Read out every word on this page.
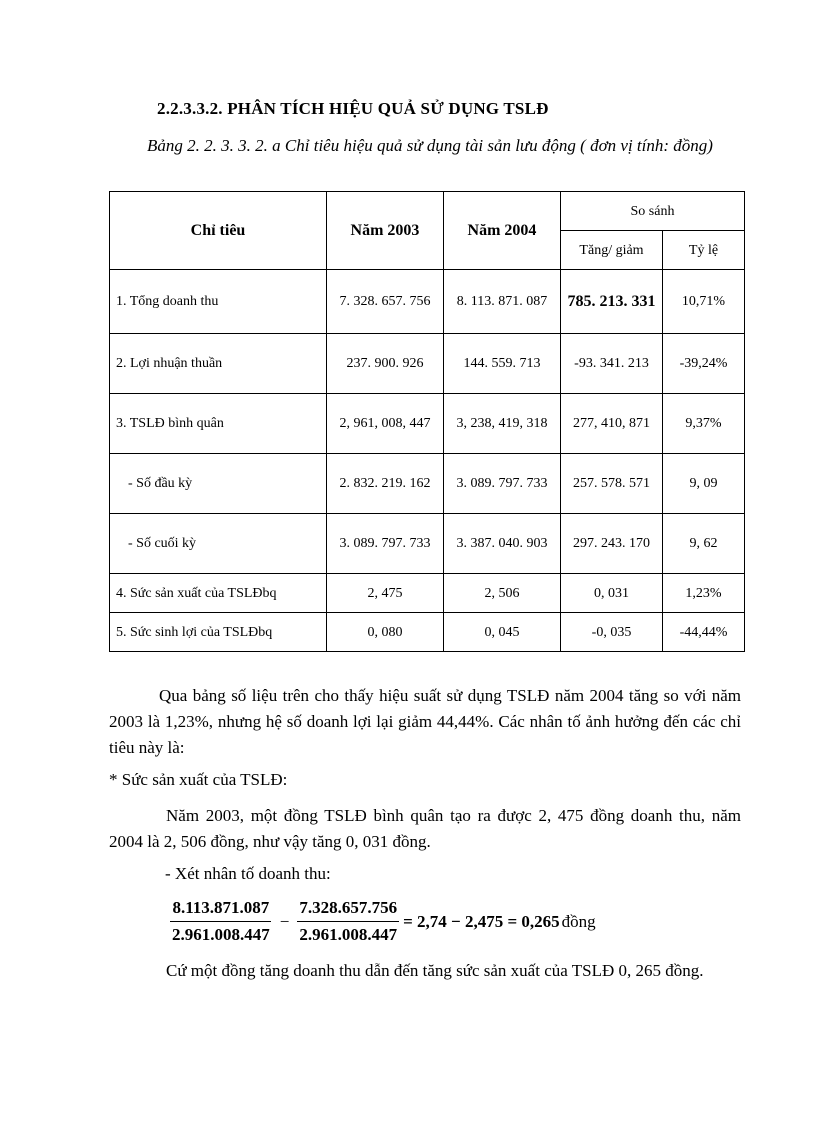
2.2.3.3.2. PHÂN TÍCH HIỆU QUẢ SỬ DỤNG TSLĐ
Bảng 2. 2. 3. 3. 2. a Chỉ tiêu hiệu quả sử dụng tài sản lưu động ( đơn vị tính: đồng)
Chỉ tiêu	Năm 2003	Năm 2004	So sánh	
			Tăng/ giảm	Tỷ lệ
1. Tổng doanh thu	7. 328. 657. 756	8. 113. 871. 087	785. 213. 331	10,71%
2. Lợi nhuận thuần	237. 900. 926	144. 559. 713	-93. 341. 213	-39,24%
3. TSLĐ bình quân	2, 961, 008, 447	3, 238, 419, 318	277, 410, 871	9,37%
- Số đầu kỳ	2. 832. 219. 162	3. 089. 797. 733	257. 578. 571	9, 09
- Số cuối kỳ	3. 089. 797. 733	3. 387. 040. 903	297. 243. 170	9, 62
4. Sức sản xuất của TSLĐbq	2, 475	2, 506	0, 031	1,23%
5. Sức sinh lợi của TSLĐbq	0, 080	0, 045	-0, 035	-44,44%
Qua bảng số liệu trên cho thấy hiệu suất sử dụng TSLĐ năm 2004 tăng so với năm 2003 là 1,23%, nhưng hệ số doanh lợi lại giảm 44,44%. Các nhân tố ảnh hưởng đến các chỉ tiêu này là:
* Sức sản xuất của TSLĐ:
Năm 2003, một đồng TSLĐ bình quân tạo ra được 2, 475 đồng doanh thu, năm 2004 là 2, 506 đồng, như vậy tăng 0, 031 đồng.
- Xét nhân tố doanh thu:
$\frac{8.113.871.087}{2.961.008.447} - \frac{7.328.657.756}{2.961.008.447} = 2,74 - 2,475 = 0,265$ đồng
Cứ một đồng tăng doanh thu dẫn đến tăng sức sản xuất của TSLĐ 0, 265 đồng.
